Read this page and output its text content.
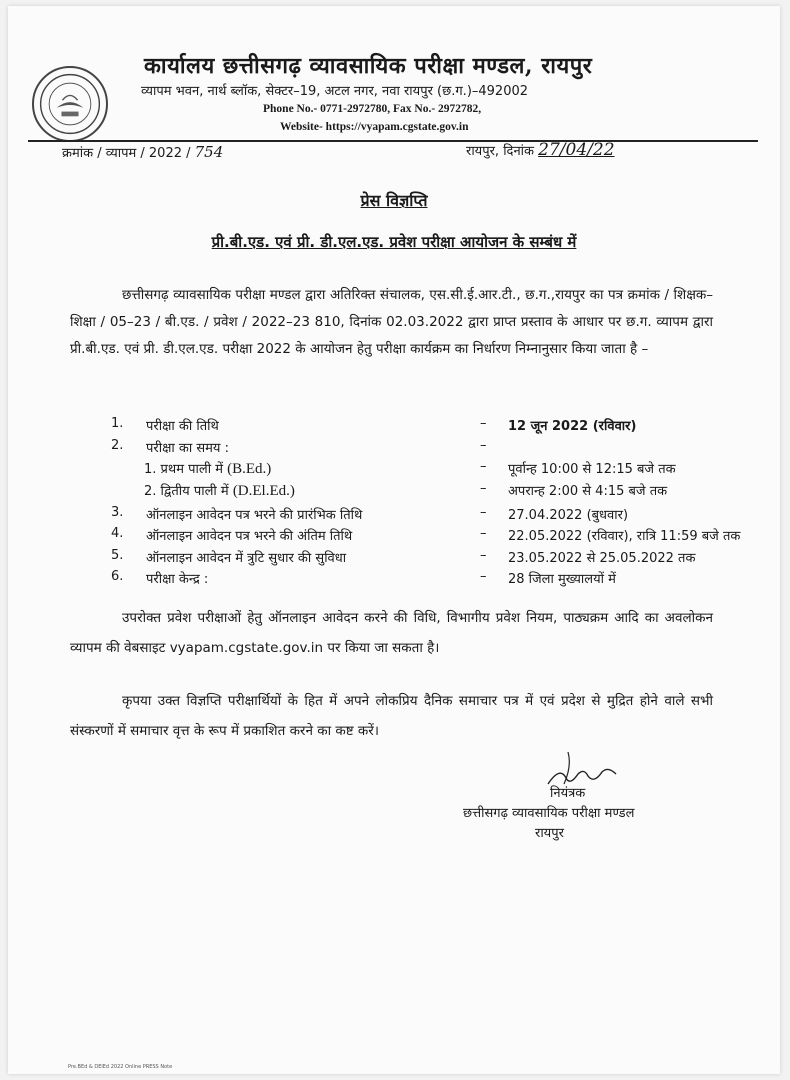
कार्यालय छत्तीसगढ़ व्यावसायिक परीक्षा मण्डल, रायपुर
व्यापम भवन, नार्थ ब्लॉक, सेक्टर–19, अटल नगर, नवा रायपुर (छ.ग.)–492002
Phone No.- 0771-2972780, Fax No.- 2972782,
Website- https://vyapam.cgstate.gov.in
क्रमांक / व्यापम / 2022 / 754	रायपुर, दिनांक 27/04/22
प्रेस विज्ञप्ति
प्री.बी.एड. एवं प्री. डी.एल.एड. प्रवेश परीक्षा आयोजन के सम्बंध में
छत्तीसगढ़ व्यावसायिक परीक्षा मण्डल द्वारा अतिरिक्त संचालक, एस.सी.ई.आर.टी., छ.ग.,रायपुर का पत्र क्रमांक / शिक्षक–शिक्षा / 05–23 / बी.एड. / प्रवेश / 2022–23 810, दिनांक 02.03.2022 द्वारा प्राप्त प्रस्ताव के आधार पर छ.ग. व्यापम द्वारा प्री.बी.एड. एवं प्री. डी.एल.एड. परीक्षा 2022 के आयोजन हेतु परीक्षा कार्यक्रम का निर्धारण निम्नानुसार किया जाता है –
1.	परीक्षा की तिथि	– 12 जून 2022 (रविवार)
2.	परीक्षा का समय :	–
1. प्रथम पाली में (B.Ed.)	– पूर्वान्ह 10:00 से 12:15 बजे तक
2. द्वितीय पाली में (D.El.Ed.)	– अपरान्ह 2:00 से 4:15 बजे तक
3.	ऑनलाइन आवेदन पत्र भरने की प्रारंभिक तिथि	– 27.04.2022 (बुधवार)
4.	ऑनलाइन आवेदन पत्र भरने की अंतिम तिथि	– 22.05.2022 (रविवार), रात्रि 11:59 बजे तक
5.	ऑनलाइन आवेदन में त्रुटि सुधार की सुविधा	– 23.05.2022 से 25.05.2022 तक
6.	परीक्षा केन्द्र :	– 28 जिला मुख्यालयों में
उपरोक्त प्रवेश परीक्षाओं हेतु ऑनलाइन आवेदन करने की विधि, विभागीय प्रवेश नियम, पाठ्यक्रम आदि का अवलोकन व्यापम की वेबसाइट vyapam.cgstate.gov.in पर किया जा सकता है।
कृपया उक्त विज्ञप्ति परीक्षार्थियों के हित में अपने लोकप्रिय दैनिक समाचार पत्र में एवं प्रदेश से मुद्रित होने वाले सभी संस्करणों में समाचार वृत्त के रूप में प्रकाशित करने का कष्ट करें।
नियंत्रक
छत्तीसगढ़ व्यावसायिक परीक्षा मण्डल
रायपुर
Pre.BEd & DElEd 2022 Online PRESS Note
